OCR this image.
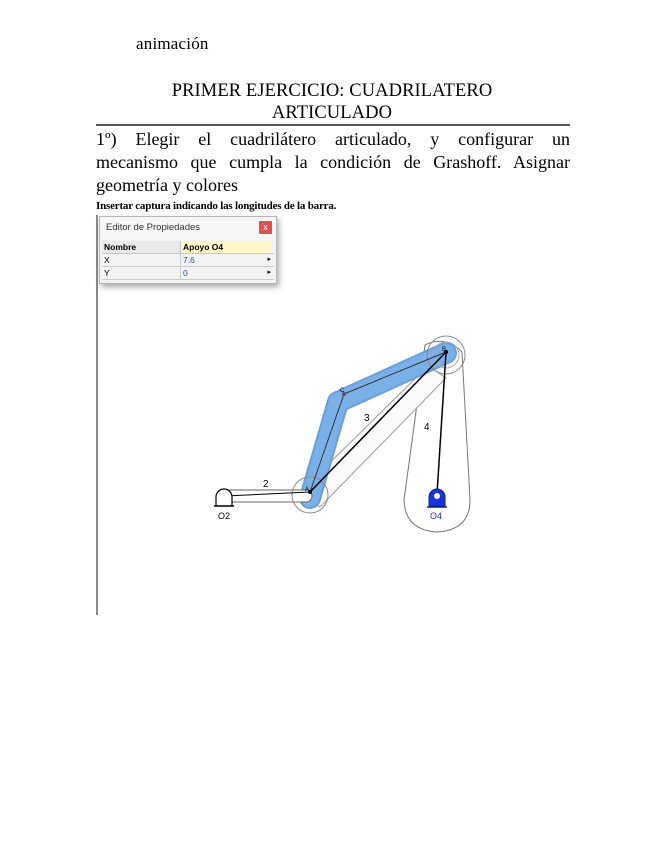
animación
PRIMER EJERCICIO: CUADRILATERO
ARTICULADO
1º) Elegir el cuadrilátero articulado, y configurar un
mecanismo que cumpla la condición de Grashoff. Asignar
geometría y colores
Insertar captura indicando las longitudes de la barra.
2
3
4
A
B
C
O2	O4
Editor de Propiedades	x
Nombre	Apoyo O4
X	7.6	▸
Y	0	▸
